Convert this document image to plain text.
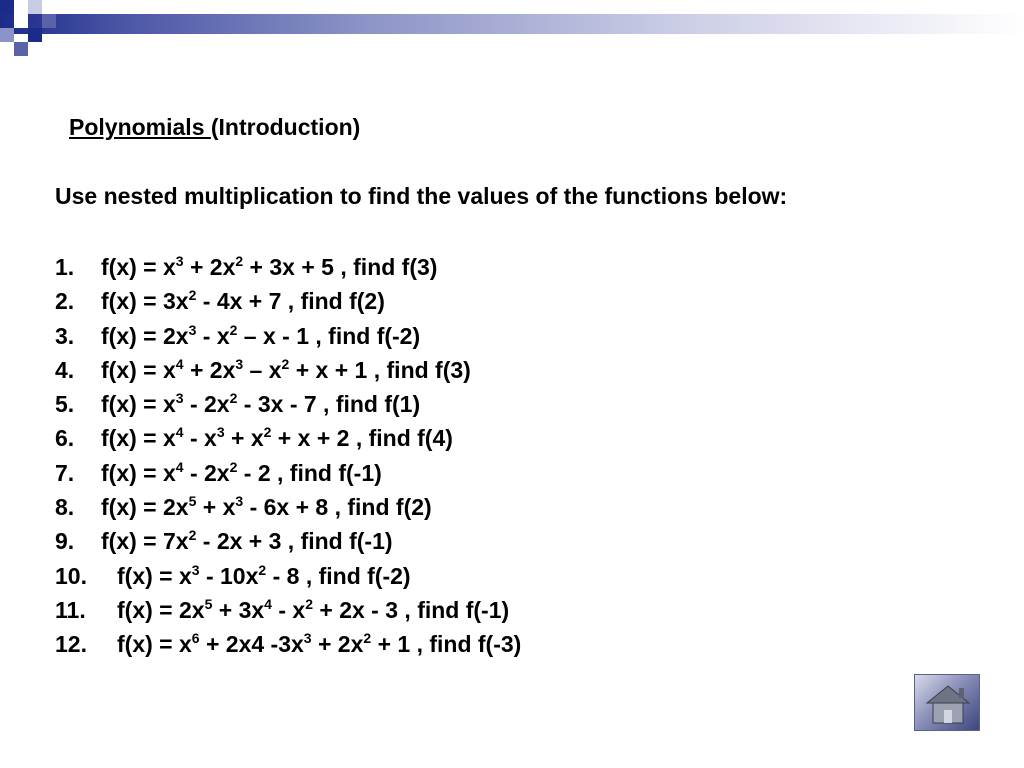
Polynomials (Introduction)
Use nested multiplication to find the values of the functions below:
1. $f(x) = x^3 + 2x^2 + 3x + 5$ , find f(3)
2. $f(x) = 3x^2 - 4x + 7$ , find f(2)
3. $f(x) = 2x^3 - x^2 - x - 1$ , find f(-2)
4. $f(x) = x^4 + 2x^3 - x^2 + x + 1$ , find f(3)
5. $f(x) = x^3 - 2x^2 - 3x - 7$ , find f(1)
6. $f(x) = x^4 - x^3 + x^2 + x + 2$ , find f(4)
7. $f(x) = x^4 - 2x^2 - 2$ , find f(-1)
8. $f(x) = 2x^5 + x^3 - 6x + 8$ , find f(2)
9. $f(x) = 7x^2 - 2x + 3$ , find f(-1)
10. $f(x) = x^3 - 10x^2 - 8$ , find f(-2)
11. $f(x) = 2x^5 + 3x^4 - x^2 + 2x - 3$ , find f(-1)
12. $f(x) = x^6 + 2x4$ $-3x^3 + 2x^2 + 1$ , find f(-3)
